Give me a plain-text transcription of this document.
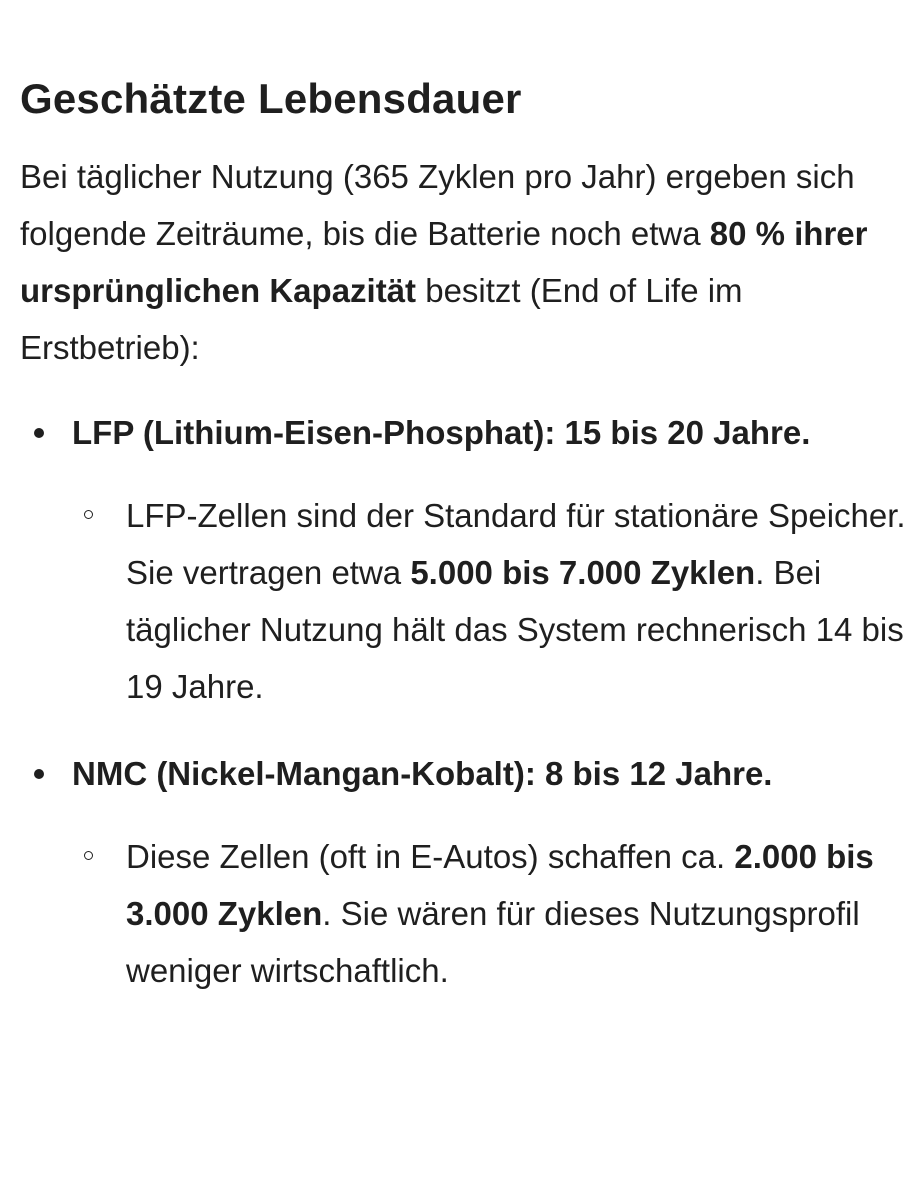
Geschätzte Lebensdauer

Bei täglicher Nutzung (365 Zyklen pro Jahr) ergeben sich folgende Zeiträume, bis die Batterie noch etwa 80 % ihrer ursprünglichen Kapazität besitzt (End of Life im Erstbetrieb):

LFP (Lithium-Eisen-Phosphat): 15 bis 20 Jahre.
LFP-Zellen sind der Standard für stationäre Speicher. Sie vertragen etwa 5.000 bis 7.000 Zyklen. Bei täglicher Nutzung hält das System rechnerisch 14 bis 19 Jahre.
NMC (Nickel-Mangan-Kobalt): 8 bis 12 Jahre.
Diese Zellen (oft in E-Autos) schaffen ca. 2.000 bis 3.000 Zyklen. Sie wären für dieses Nutzungsprofil weniger wirtschaftlich.
